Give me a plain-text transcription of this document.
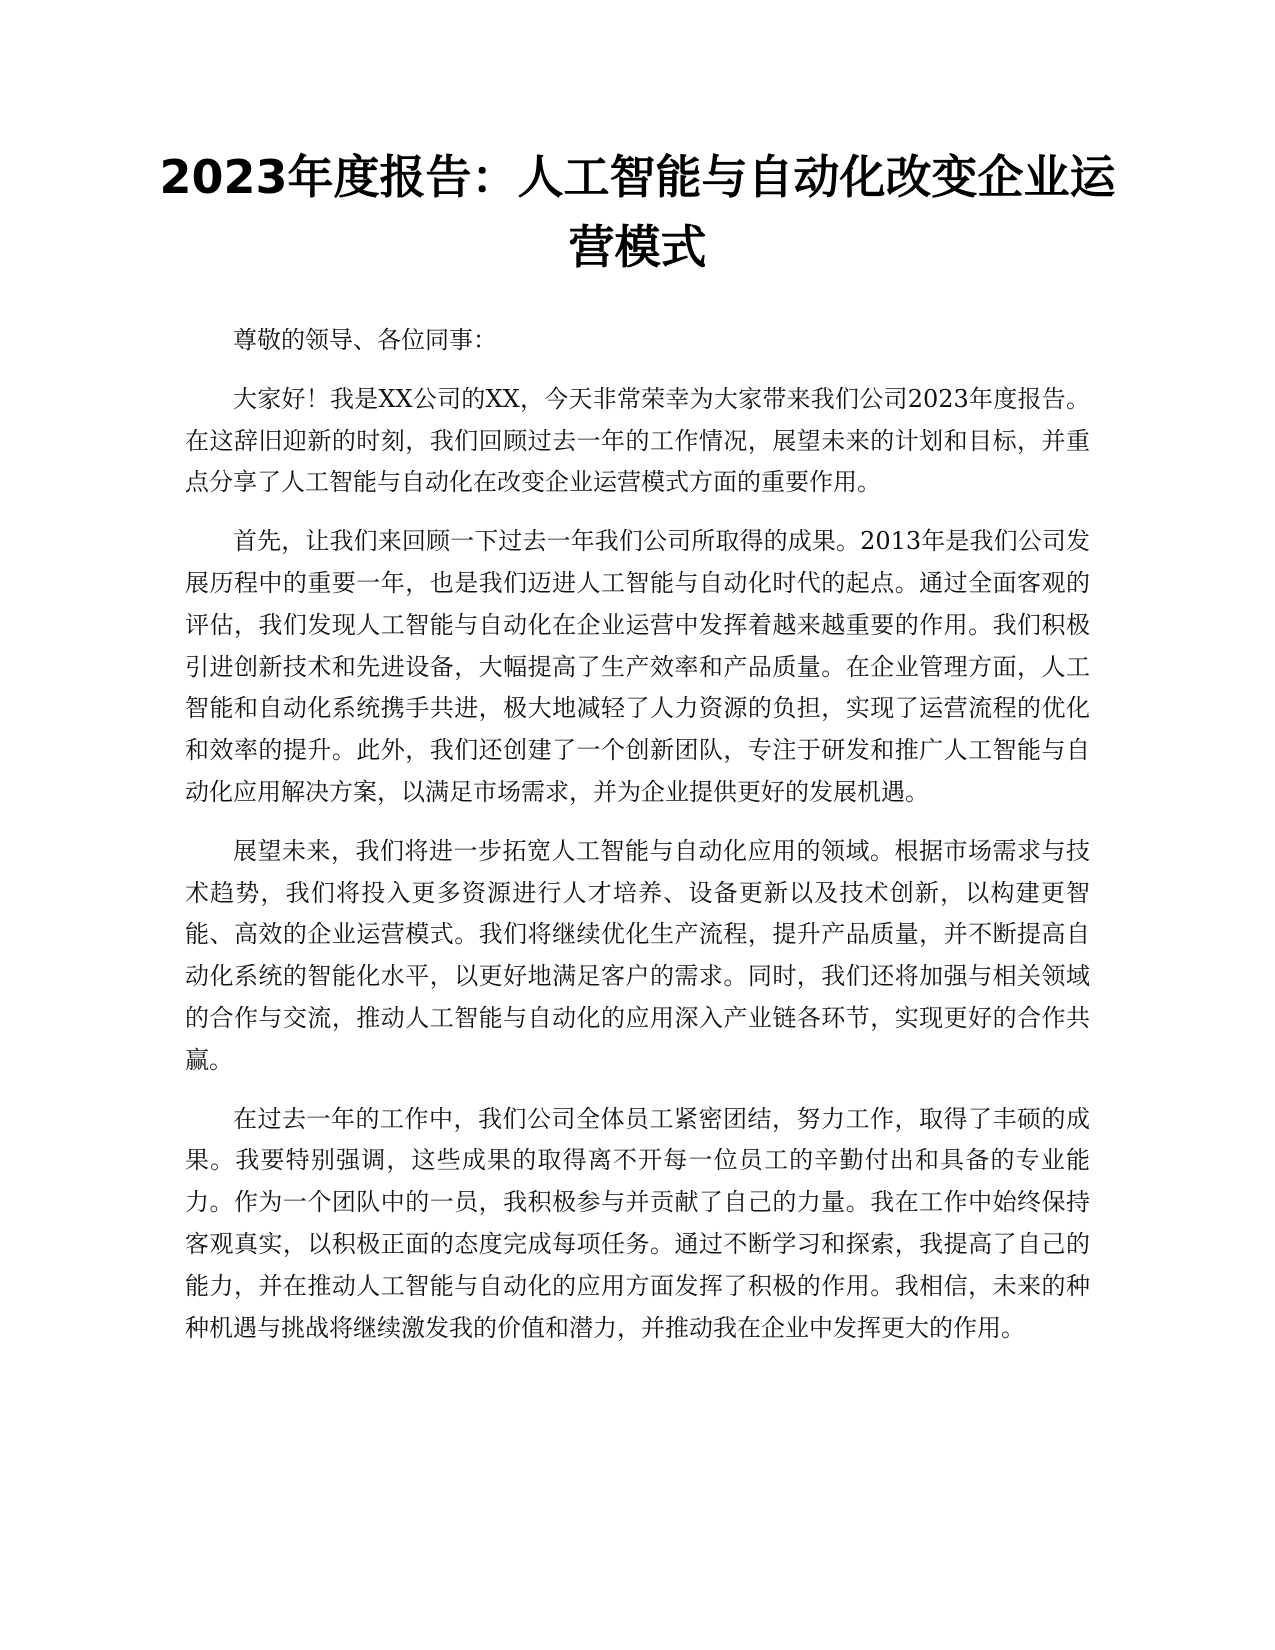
2023年度报告：人工智能与自动化改变企业运营模式

尊敬的领导、各位同事：

大家好！我是XX公司的XX，今天非常荣幸为大家带来我们公司2023年度报告。在这辞旧迎新的时刻，我们回顾过去一年的工作情况，展望未来的计划和目标，并重点分享了人工智能与自动化在改变企业运营模式方面的重要作用。

首先，让我们来回顾一下过去一年我们公司所取得的成果。2013年是我们公司发展历程中的重要一年，也是我们迈进人工智能与自动化时代的起点。通过全面客观的评估，我们发现人工智能与自动化在企业运营中发挥着越来越重要的作用。我们积极引进创新技术和先进设备，大幅提高了生产效率和产品质量。在企业管理方面，人工智能和自动化系统携手共进，极大地减轻了人力资源的负担，实现了运营流程的优化和效率的提升。此外，我们还创建了一个创新团队，专注于研发和推广人工智能与自动化应用解决方案，以满足市场需求，并为企业提供更好的发展机遇。

展望未来，我们将进一步拓宽人工智能与自动化应用的领域。根据市场需求与技术趋势，我们将投入更多资源进行人才培养、设备更新以及技术创新，以构建更智能、高效的企业运营模式。我们将继续优化生产流程，提升产品质量，并不断提高自动化系统的智能化水平，以更好地满足客户的需求。同时，我们还将加强与相关领域的合作与交流，推动人工智能与自动化的应用深入产业链各环节，实现更好的合作共赢。

在过去一年的工作中，我们公司全体员工紧密团结，努力工作，取得了丰硕的成果。我要特别强调，这些成果的取得离不开每一位员工的辛勤付出和具备的专业能力。作为一个团队中的一员，我积极参与并贡献了自己的力量。我在工作中始终保持客观真实，以积极正面的态度完成每项任务。通过不断学习和探索，我提高了自己的能力，并在推动人工智能与自动化的应用方面发挥了积极的作用。我相信，未来的种种机遇与挑战将继续激发我的价值和潜力，并推动我在企业中发挥更大的作用。
